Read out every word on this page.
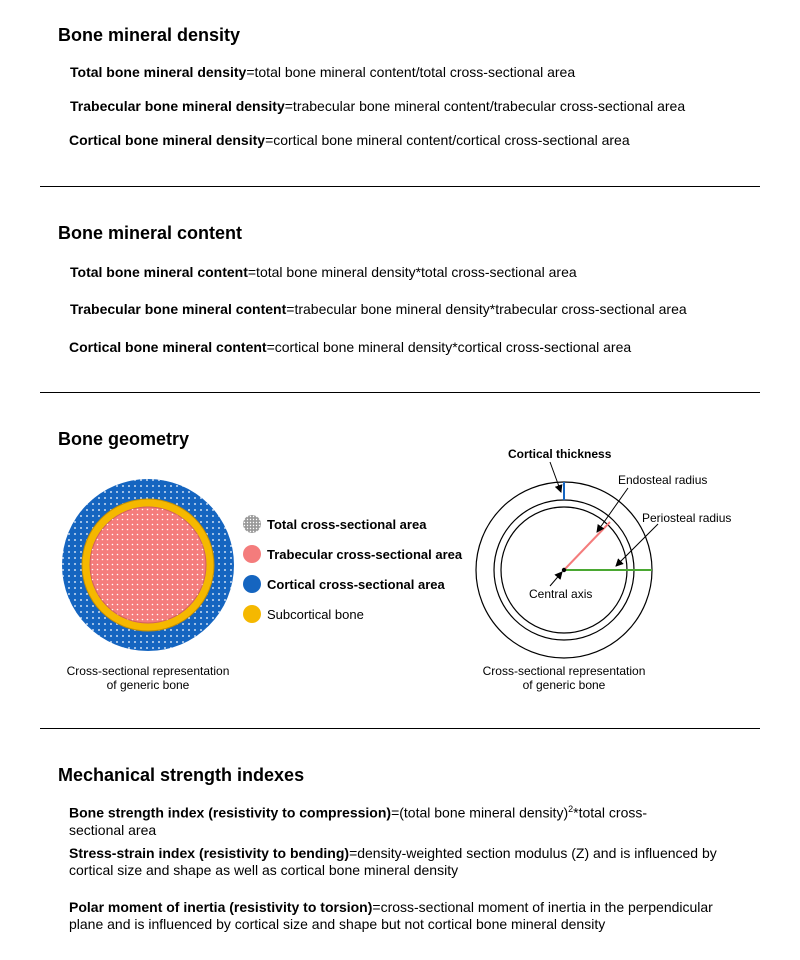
Bone mineral density
Total bone mineral density=total bone mineral content/total cross-sectional area
Trabecular bone mineral density=trabecular bone mineral content/trabecular cross-sectional area
Cortical bone mineral density=cortical bone mineral content/cortical cross-sectional area
Bone mineral content
Total bone mineral content=total bone mineral density*total cross-sectional area
Trabecular bone mineral content=trabecular bone mineral density*trabecular cross-sectional area
Cortical bone mineral content=cortical bone mineral density*cortical cross-sectional area
Bone geometry
Cross-sectional representation
of generic bone
Total cross-sectional area
Trabecular cross-sectional area
Cortical cross-sectional area
Subcortical bone
Cortical thickness
Endosteal radius
Periosteal radius
Central axis
Cross-sectional representation
of generic bone
Mechanical strength indexes
Bone strength index (resistivity to compression)=(total bone mineral density)$^2$*total cross-
sectional area
Stress-strain index (resistivity to bending)=density-weighted section modulus (Z) and is influenced by cortical size and shape as well as cortical bone mineral density
Polar moment of inertia (resistivity to torsion)=cross-sectional moment of inertia in the perpendicular plane and is influenced by cortical size and shape but not cortical bone mineral density
